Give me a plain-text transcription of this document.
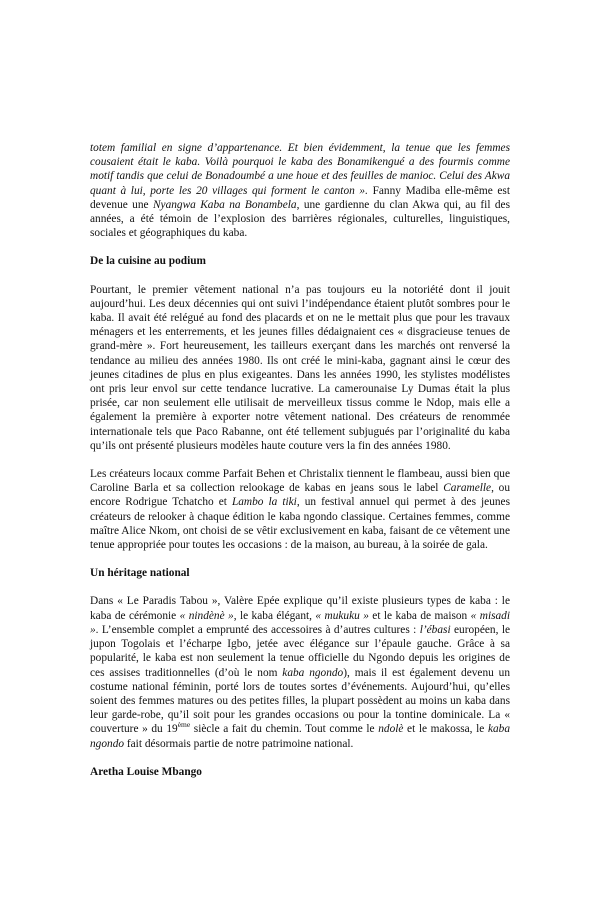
totem familial en signe d’appartenance. Et bien évidemment, la tenue que les femmes cousaient était le kaba. Voilà pourquoi le kaba des Bonamikengué a des fourmis comme motif tandis que celui de Bonadoumbé a une houe et des feuilles de manioc. Celui des Akwa quant à lui, porte les 20 villages qui forment le canton ». Fanny Madiba elle-même est devenue une Nyangwa Kaba na Bonambela, une gardienne du clan Akwa qui, au fil des années, a été témoin de l’explosion des barrières régionales, culturelles, linguistiques, sociales et géographiques du kaba.

De la cuisine au podium

Pourtant, le premier vêtement national n’a pas toujours eu la notoriété dont il jouit aujourd’hui. Les deux décennies qui ont suivi l’indépendance étaient plutôt sombres pour le kaba. Il avait été relégué au fond des placards et on ne le mettait plus que pour les travaux ménagers et les enterrements, et les jeunes filles dédaignaient ces « disgracieuse tenues de grand-mère ». Fort heureusement, les tailleurs exerçant dans les marchés ont renversé la tendance au milieu des années 1980. Ils ont créé le mini-kaba, gagnant ainsi le cœur des jeunes citadines de plus en plus exigeantes. Dans les années 1990, les stylistes modélistes ont pris leur envol sur cette tendance lucrative. La camerounaise Ly Dumas était la plus prisée, car non seulement elle utilisait de merveilleux tissus comme le Ndop, mais elle a également la première à exporter notre vêtement national. Des créateurs de renommée internationale tels que Paco Rabanne, ont été tellement subjugués par l’originalité du kaba qu’ils ont présenté plusieurs modèles haute couture vers la fin des années 1980.

Les créateurs locaux comme Parfait Behen et Christalix tiennent le flambeau, aussi bien que Caroline Barla et sa collection relookage de kabas en jeans sous le label Caramelle, ou encore Rodrigue Tchatcho et Lambo la tiki, un festival annuel qui permet à des jeunes créateurs de relooker à chaque édition le kaba ngondo classique. Certaines femmes, comme maître Alice Nkom, ont choisi de se vêtir exclusivement en kaba, faisant de ce vêtement une tenue appropriée pour toutes les occasions : de la maison, au bureau, à la soirée de gala.

Un héritage national

Dans « Le Paradis Tabou », Valère Epée explique qu’il existe plusieurs types de kaba : le kaba de cérémonie « nindènè », le kaba élégant, « mukuku » et le kaba de maison « misadi ». L’ensemble complet a emprunté des accessoires à d’autres cultures : l’ébasi européen, le jupon Togolais et l’écharpe Igbo, jetée avec élégance sur l’épaule gauche. Grâce à sa popularité, le kaba est non seulement la tenue officielle du Ngondo depuis les origines de ces assises traditionnelles (d’où le nom kaba ngondo), mais il est également devenu un costume national féminin, porté lors de toutes sortes d’événements. Aujourd’hui, qu’elles soient des femmes matures ou des petites filles, la plupart possèdent au moins un kaba dans leur garde-robe, qu’il soit pour les grandes occasions ou pour la tontine dominicale. La « couverture » du 19ème siècle a fait du chemin. Tout comme le ndolè et le makossa, le kaba ngondo fait désormais partie de notre patrimoine national.

Aretha Louise Mbango
